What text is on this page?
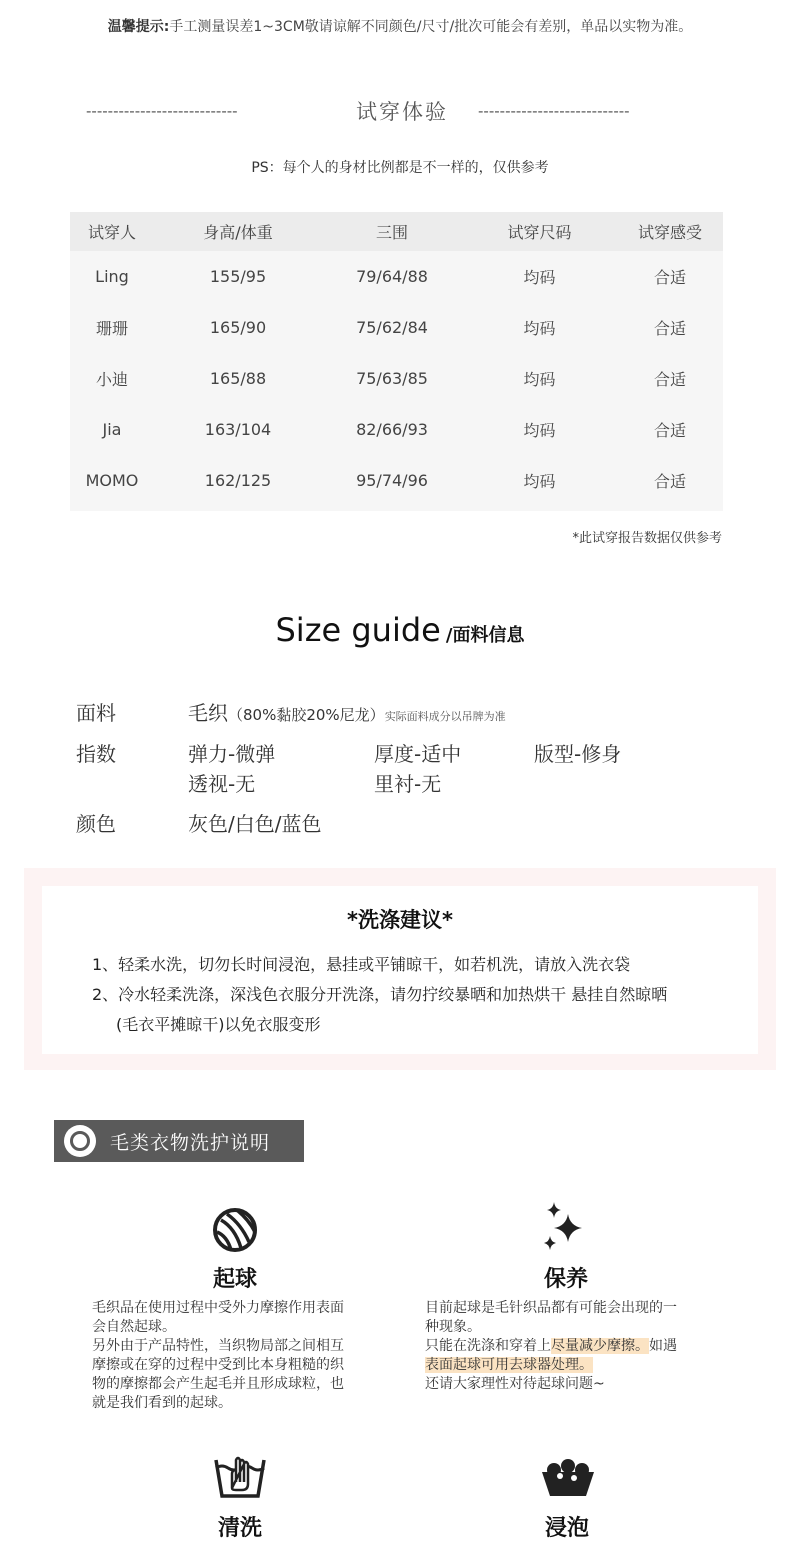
温馨提示:手工测量误差1~3CM敬请谅解不同颜色/尺寸/批次可能会有差别，单品以实物为准。
----------------------------	试穿体验 ----------------------------
PS：每个人的身材比例都是不一样的，仅供参考
试穿人	身高/体重	三围	试穿尺码	试穿感受
Ling	155/95	79/64/88	均码	合适
珊珊	165/90	75/62/84	均码	合适
小迪	165/88	75/63/85	均码	合适
Jia	163/104	82/66/93	均码	合适
MOMO	162/125	95/74/96	均码	合适
*此试穿报告数据仅供参考
Size guide /面料信息
面料	毛织（80%黏胶20%尼龙）实际面料成分以吊牌为准
指数	弹力-微弹	厚度-适中	版型-修身
透视-无	里衬-无
颜色	灰色/白色/蓝色
*洗涤建议*
1、轻柔水洗，切勿长时间浸泡，悬挂或平铺晾干，如若机洗，请放入洗衣袋
2、冷水轻柔洗涤，深浅色衣服分开洗涤，请勿拧绞暴晒和加热烘干 悬挂自然晾晒
(毛衣平摊晾干)以免衣服变形
毛类衣物洗护说明
起球
毛织品在使用过程中受外力摩擦作用表面
会自然起球。
另外由于产品特性，当织物局部之间相互
摩擦或在穿的过程中受到比本身粗糙的织
物的摩擦都会产生起毛并且形成球粒，也
就是我们看到的起球。
保养
目前起球是毛针织品都有可能会出现的一
种现象。
只能在洗涤和穿着上尽量减少摩擦。如遇
表面起球可用去球器处理。
还请大家理性对待起球问题~
清洗	浸泡
